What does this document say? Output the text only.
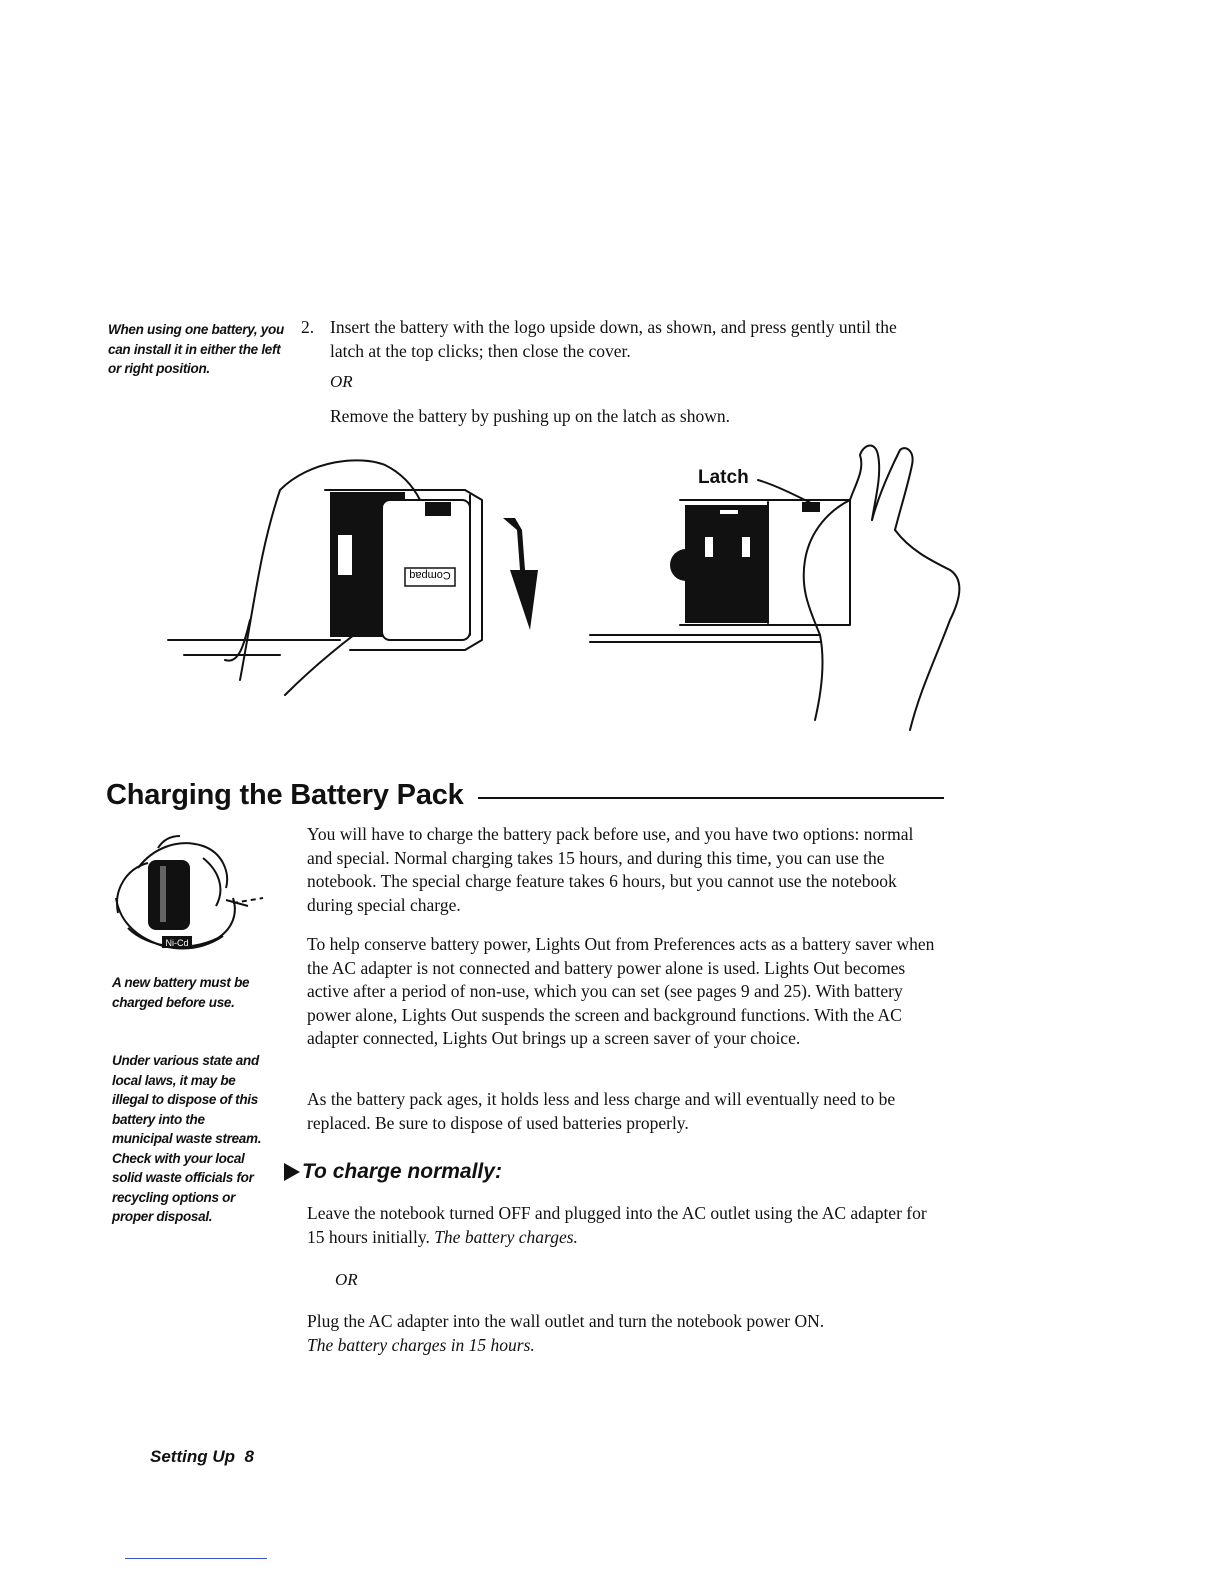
When using one battery, you can install it in either the left or right position.
2. Insert the battery with the logo upside down, as shown, and press gently until the latch at the top clicks; then close the cover.
OR
Remove the battery by pushing up on the latch as shown.
Compaq
Latch
Charging the Battery Pack
Ni-Cd
A new battery must be charged before use.
Under various state and local laws, it may be illegal to dispose of this battery into the municipal waste stream. Check with your local solid waste officials for recycling options or proper disposal.

You will have to charge the battery pack before use, and you have two options: normal and special. Normal charging takes 15 hours, and during this time, you can use the notebook. The special charge feature takes 6 hours, but you cannot use the notebook during special charge.

To help conserve battery power, Lights Out from Preferences acts as a battery saver when the AC adapter is not connected and battery power alone is used. Lights Out becomes active after a period of non-use, which you can set (see pages 9 and 25). With battery power alone, Lights Out suspends the screen and background functions. With the AC adapter connected, Lights Out brings up a screen saver of your choice.

As the battery pack ages, it holds less and less charge and will eventually need to be replaced. Be sure to dispose of used batteries properly.

To charge normally:
Leave the notebook turned OFF and plugged into the AC outlet using the AC adapter for 15 hours initially. The battery charges.
OR
Plug the AC adapter into the wall outlet and turn the notebook power ON.
The battery charges in 15 hours.
Setting Up 8
